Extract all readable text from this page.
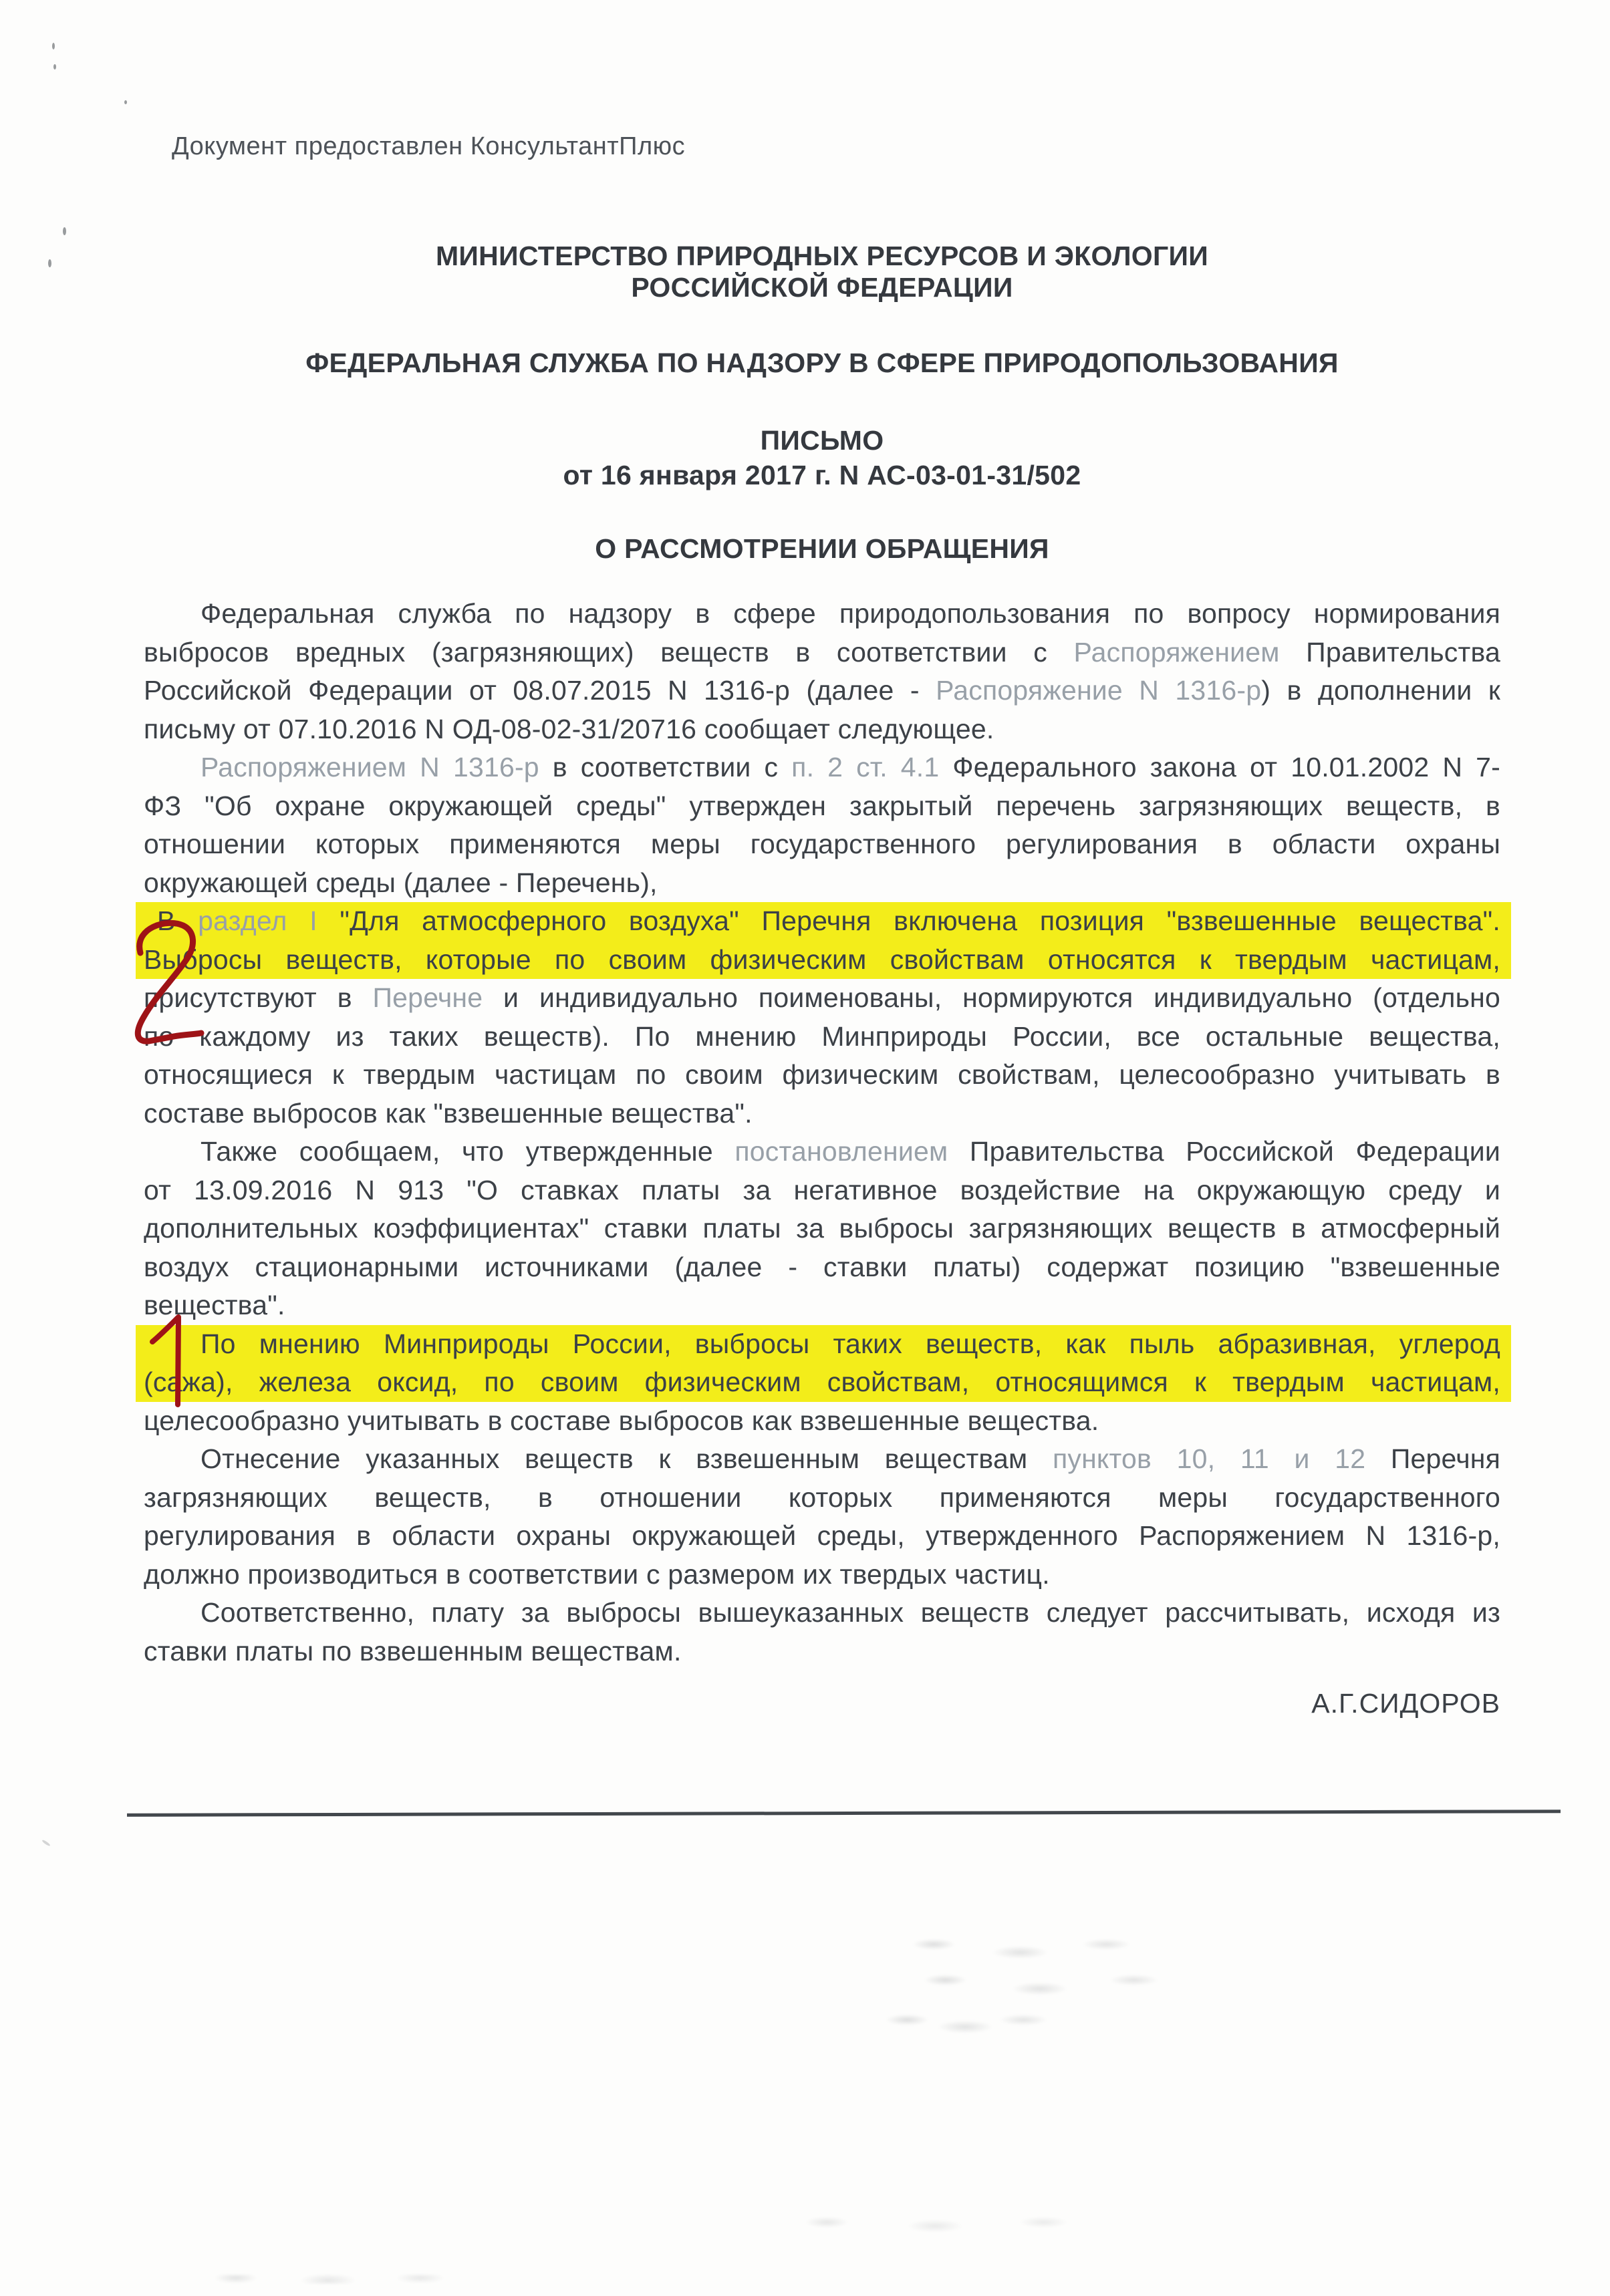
Документ предоставлен КонсультантПлюс
МИНИСТЕРСТВО ПРИРОДНЫХ РЕСУРСОВ И ЭКОЛОГИИ
РОССИЙСКОЙ ФЕДЕРАЦИИ
ФЕДЕРАЛЬНАЯ СЛУЖБА ПО НАДЗОРУ В СФЕРЕ ПРИРОДОПОЛЬЗОВАНИЯ
ПИСЬМО
от 16 января 2017 г. N АС-03-01-31/502
О РАССМОТРЕНИИ ОБРАЩЕНИЯ
Федеральная служба по надзору в сфере природопользования по вопросу нормирования
выбросов вредных (загрязняющих) веществ в соответствии с Распоряжением Правительства
Российской Федерации от 08.07.2015 N 1316-р (далее - Распоряжение N 1316-р) в дополнении к
письму от 07.10.2016 N ОД-08-02-31/20716 сообщает следующее.
Распоряжением N 1316-р в соответствии с п. 2 ст. 4.1 Федерального закона от 10.01.2002 N 7-
ФЗ "Об охране окружающей среды" утвержден закрытый перечень загрязняющих веществ, в
отношении которых применяются меры государственного регулирования в области охраны
окружающей среды (далее - Перечень),
В раздел I "Для атмосферного воздуха" Перечня включена позиция "взвешенные вещества".
Выбросы веществ, которые по своим физическим свойствам относятся к твердым частицам,
присутствуют в Перечне и индивидуально поименованы, нормируются индивидуально (отдельно
по каждому из таких веществ). По мнению Минприроды России, все остальные вещества,
относящиеся к твердым частицам по своим физическим свойствам, целесообразно учитывать в
составе выбросов как "взвешенные вещества".
Также сообщаем, что утвержденные постановлением Правительства Российской Федерации
от 13.09.2016 N 913 "О ставках платы за негативное воздействие на окружающую среду и
дополнительных коэффициентах" ставки платы за выбросы загрязняющих веществ в атмосферный
воздух стационарными источниками (далее - ставки платы) содержат позицию "взвешенные
вещества".
По мнению Минприроды России, выбросы таких веществ, как пыль абразивная, углерод
(сажа), железа оксид, по своим физическим свойствам, относящимся к твердым частицам,
целесообразно учитывать в составе выбросов как взвешенные вещества.
Отнесение указанных веществ к взвешенным веществам пунктов 10, 11 и 12 Перечня
загрязняющих веществ, в отношении которых применяются меры государственного
регулирования в области охраны окружающей среды, утвержденного Распоряжением N 1316-р,
должно производиться в соответствии с размером их твердых частиц.
Соответственно, плату за выбросы вышеуказанных веществ следует рассчитывать, исходя из
ставки платы по взвешенным веществам.
А.Г.СИДОРОВ
